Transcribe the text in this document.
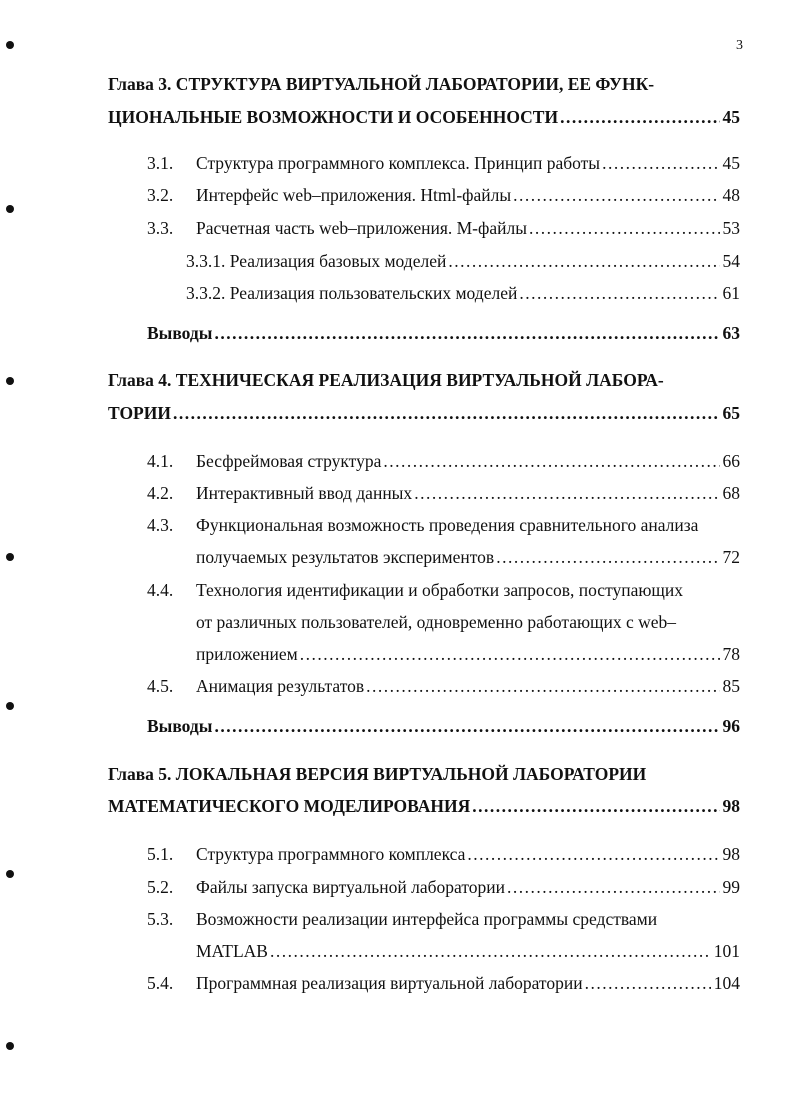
3
Глава 3. СТРУКТУРА ВИРТУАЛЬНОЙ ЛАБОРАТОРИИ, ЕЕ ФУНК-
ЦИОНАЛЬНЫЕ ВОЗМОЖНОСТИ И ОСОБЕННОСТИ .....	45
3.1.	Структура программного комплекса. Принцип работы .....	45
3.2.	Интерфейс web–приложения. Html-файлы .....	48
3.3.	Расчетная часть web–приложения. М-файлы .....	53
3.3.1. Реализация базовых моделей .....	54
3.3.2. Реализация пользовательских моделей .....	61
Выводы .....	63
Глава 4. ТЕХНИЧЕСКАЯ РЕАЛИЗАЦИЯ ВИРТУАЛЬНОЙ ЛАБОРА-
ТОРИИ .....	65
4.1.	Бесфреймовая структура .....	66
4.2.	Интерактивный ввод данных .....	68
4.3.	Функциональная возможность проведения сравнительного анализа
получаемых результатов экспериментов .....	72
4.4.	Технология идентификации и обработки запросов, поступающих
от различных пользователей, одновременно работающих с web–
приложением .....	78
4.5.	Анимация результатов .....	85
Выводы .....	96
Глава 5. ЛОКАЛЬНАЯ ВЕРСИЯ ВИРТУАЛЬНОЙ ЛАБОРАТОРИИ
МАТЕМАТИЧЕСКОГО МОДЕЛИРОВАНИЯ .....	98
5.1.	Структура программного комплекса .....	98
5.2.	Файлы запуска виртуальной лаборатории .....	99
5.3.	Возможности реализации интерфейса программы средствами
MATLAB .....	101
5.4.	Программная реализация виртуальной лаборатории .....	104
